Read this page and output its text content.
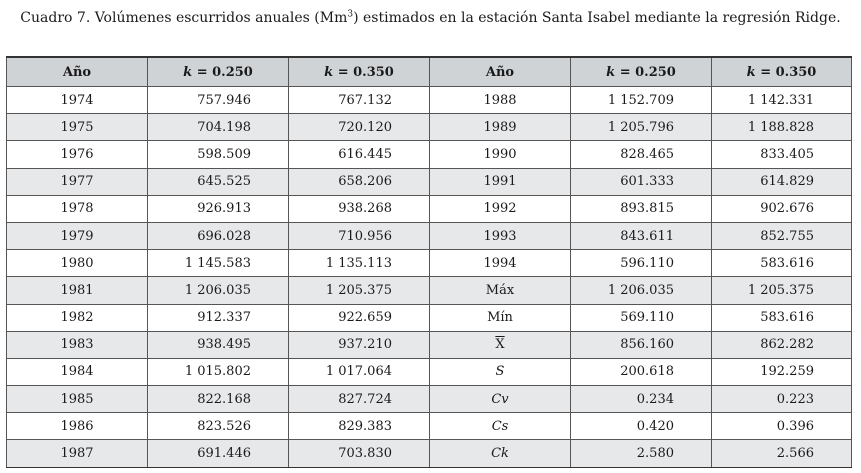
Cuadro 7. Volúmenes escurridos anuales (Mm$^3$) estimados en la estación Santa Isabel mediante la regresión Ridge.
Año	k = 0.250	k = 0.350	Año	k = 0.250	k = 0.350
1974	757.946	767.132	1988	1 152.709	1 142.331
1975	704.198	720.120	1989	1 205.796	1 188.828
1976	598.509	616.445	1990	828.465	833.405
1977	645.525	658.206	1991	601.333	614.829
1978	926.913	938.268	1992	893.815	902.676
1979	696.028	710.956	1993	843.611	852.755
1980	1 145.583	1 135.113	1994	596.110	583.616
1981	1 206.035	1 205.375	Máx	1 206.035	1 205.375
1982	912.337	922.659	Mín	569.110	583.616
1983	938.495	937.210	$\overline{X}$	856.160	862.282
1984	1 015.802	1 017.064	S	200.618	192.259
1985	822.168	827.724	Cv	0.234	0.223
1986	823.526	829.383	Cs	0.420	0.396
1987	691.446	703.830	Ck	2.580	2.566
